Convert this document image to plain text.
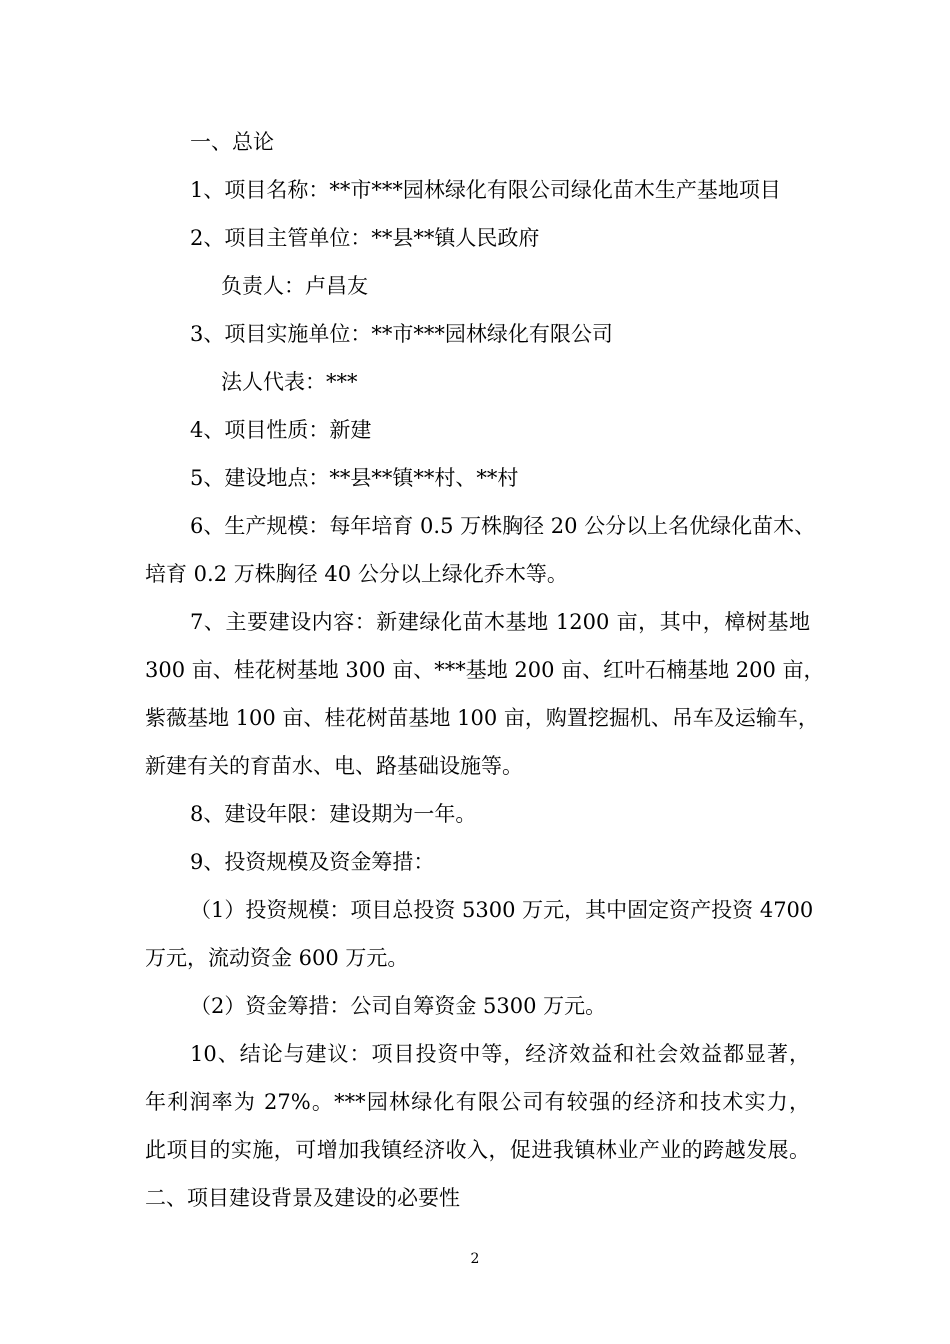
一、总论
1、项目名称：**市***园林绿化有限公司绿化苗木生产基地项目
2、项目主管单位：**县**镇人民政府
负责人：卢昌友
3、项目实施单位：**市***园林绿化有限公司
法人代表：***
4、项目性质：新建
5、建设地点：**县**镇**村、**村
6、生产规模：每年培育 0.5 万株胸径 20 公分以上名优绿化苗木、
培育 0.2 万株胸径 40 公分以上绿化乔木等。
7、主要建设内容：新建绿化苗木基地 1200 亩，其中，樟树基地
300 亩、桂花树基地 300 亩、***基地 200 亩、红叶石楠基地 200 亩，
紫薇基地 100 亩、桂花树苗基地 100 亩，购置挖掘机、吊车及运输车，
新建有关的育苗水、电、路基础设施等。
8、建设年限：建设期为一年。
9、投资规模及资金筹措：
（1）投资规模：项目总投资 5300 万元，其中固定资产投资 4700
万元，流动资金 600 万元。
（2）资金筹措：公司自筹资金 5300 万元。
10、结论与建议：项目投资中等，经济效益和社会效益都显著，
年利润率为 27%。***园林绿化有限公司有较强的经济和技术实力，
此项目的实施，可增加我镇经济收入，促进我镇林业产业的跨越发展。
二、项目建设背景及建设的必要性
2
